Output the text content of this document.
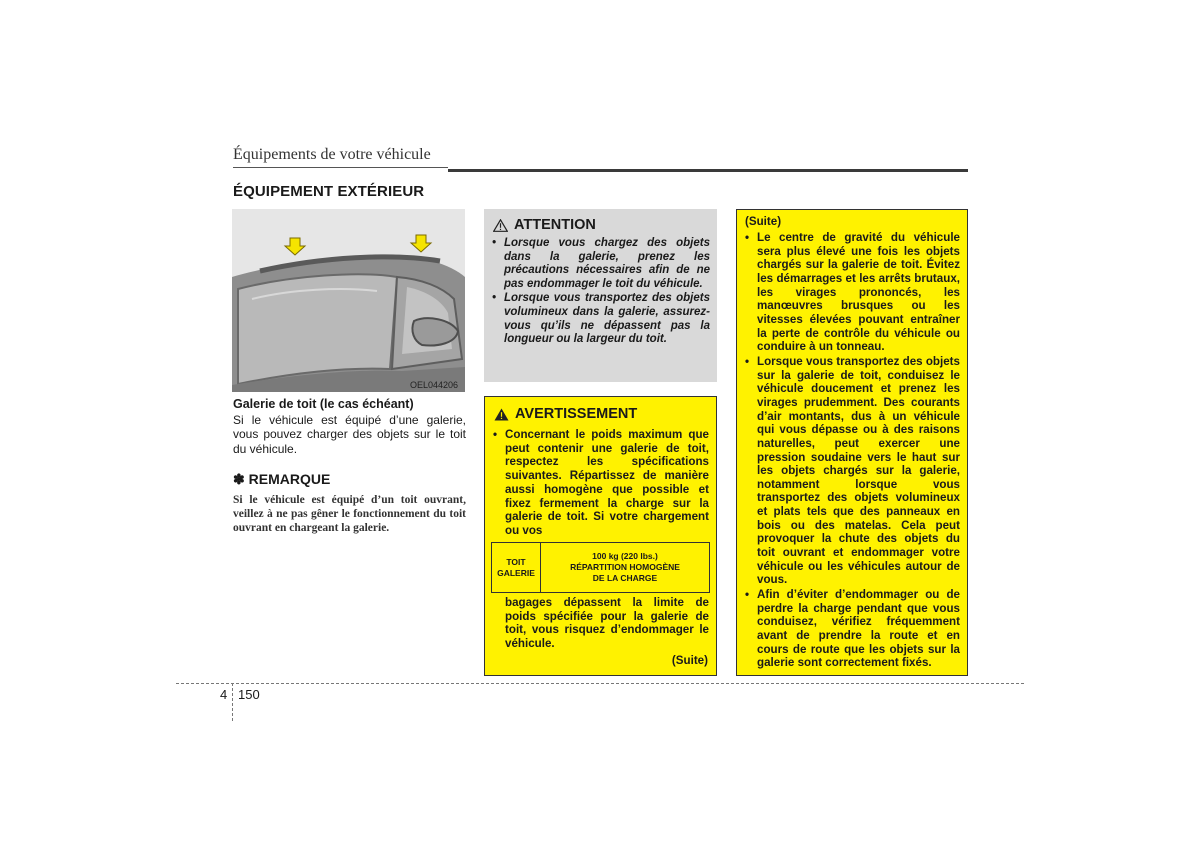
Équipements de votre véhicule
ÉQUIPEMENT EXTÉRIEUR
OEL044206
Galerie de toit (le cas échéant)
Si le véhicule est équipé d’une galerie, vous pouvez charger des objets sur le toit du véhicule.
✽ REMARQUE
Si le véhicule est équipé d’un toit ouvrant, veillez à ne pas gêner le fonctionnement du toit ouvrant en chargeant la galerie.
ATTENTION
• Lorsque vous chargez des objets dans la galerie, prenez les précautions nécessaires afin de ne pas endommager le toit du véhicule.
• Lorsque vous transportez des objets volumineux dans la galerie, assurez-vous qu’ils ne dépassent pas la longueur ou la largeur du toit.
AVERTISSEMENT
• Concernant le poids maximum que peut contenir une galerie de toit, respectez les spécifications suivantes. Répartissez de manière aussi homogène que possible et fixez fermement la charge sur la galerie de toit. Si votre chargement ou vos
TOIT GALERIE	
100 kg (220 lbs.)
RÉPARTITION HOMOGÈNE
DE LA CHARGE
bagages dépassent la limite de poids spécifiée pour la galerie de toit, vous risquez d’endommager le véhicule.
(Suite)
(Suite)
• Le centre de gravité du véhicule sera plus élevé une fois les objets chargés sur la galerie de toit. Évitez les démarrages et les arrêts brutaux, les virages prononcés, les manœuvres brusques ou les vitesses élevées pouvant entraîner la perte de contrôle du véhicule ou conduire à un tonneau.
• Lorsque vous transportez des objets sur la galerie de toit, conduisez le véhicule doucement et prenez les virages prudemment. Des courants d’air montants, dus à un véhicule qui vous dépasse ou à des raisons naturelles, peut exercer une pression soudaine vers le haut sur les objets chargés sur la galerie, notamment lorsque vous transportez des objets volumineux et plats tels que des panneaux en bois ou des matelas. Cela peut provoquer la chute des objets du toit ouvrant et endommager votre véhicule ou les véhicules autour de vous.
• Afin d’éviter d’endommager ou de perdre la charge pendant que vous conduisez, vérifiez fréquemment avant de prendre la route et en cours de route que les objets sur la galerie sont correctement fixés.
4 150
